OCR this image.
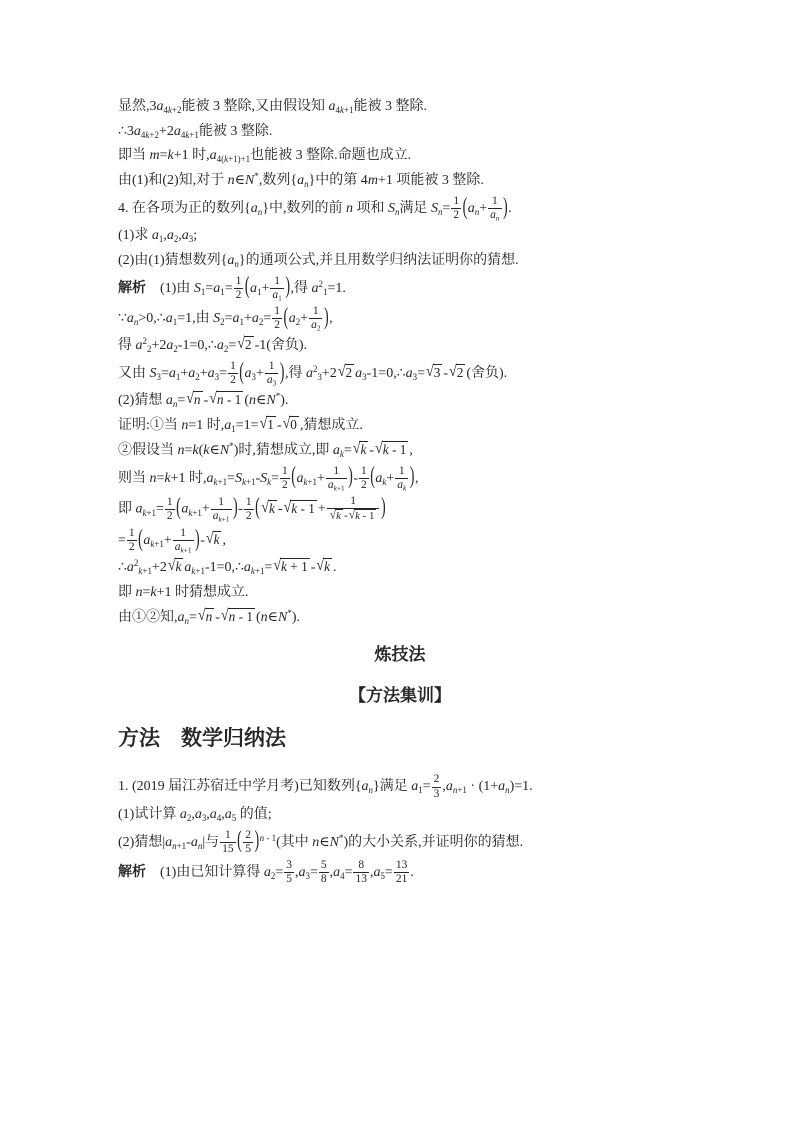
显然$,3a_{4k+2}$能被 3 整除,又由假设知 $a_{4k+1}$能被 3 整除.

$\therefore 3a_{4k+2}+2a_{4k+1}$能被 3 整除.

即当 m=k+1 时$,a_{4(k+1)+1}$也能被 3 整除.命题也成立.

由(1)和(2)知,对于 n∈N*,数列$\{a_n\}$中的第 4m+1 项能被 3 整除.

4. 在各项为正的数列$\{a_n\}$中,数列的前 n 项和 $S_n$满足 $S_n= \frac{1}{2} (a_n+ \frac{1}{a_n}$ ).

(1)求 $a_1,a_2,a_3$;

(2)由(1)猜想数列$\{a_n\}$的通项公式,并且用数学归纳法证明你的猜想.

解析　(1)由 $S_1=a_1= \frac{1}{2} (a_1+ \frac{1}{a_1}$ ),得 $a^2_1=1$.

$\because a_n>0,\therefore a_1=1$,由 $S_2=a_1+a_2= \frac{1}{2} (a_2+ \frac{1}{a_2}$ ),

得 $a^2_2+2a_2-1=0,\therefore a_2=√2$ -1(舍负).

又由 $S_3=a_1+a_2+a_3= \frac{1}{2} (a_3+ \frac{1}{a_3}$ ),得 $a^2_3+2√2$ $a_3-1=0,\therefore a_3=√3$ -√2 (舍负).

(2)猜想 $a_n=√n$ -√n - 1 (n∈N*).

证明:①当 n=1 时$,a_1=1=√1$ -√0 ,猜想成立.

②假设当 n=k(k∈N*)时,猜想成立,即 $a_k=√k$ -√k - 1 ,

则当 n=k+1 时$,a_{k+1}=S_{k+1}-S_k= \frac{1}{2} (a_{k+1}+ \frac{1}{a_{k+1}}$ )- $\frac{1}{2} (a_k+ \frac{1}{a_k}$ ),

即 $a_{k+1}= \frac{1}{2} (a_{k+1}+ \frac{1}{a_{k+1}}$ )- $\frac{1}{2}$ ( √k $-√k - 1 + \frac{1}{√k -√k - 1}$ )

= $\frac{1}{2} (a_{k+1}+ \frac{1}{a_{k+1}} )-√k$ ,

$\therefore a^2_{k+1}+2√k$ $a_{k+1}-1=0,\therefore a_{k+1}=√k + 1$ -√k .

即 n=k+1 时猜想成立.

由①②知$,a_n=√n$ -√n - 1 (n∈N*).

炼技法

【方法集训】

方法　数学归纳法

1. (2019 届江苏宿迁中学月考)已知数列$\{a_n\}$满足 $a_1= \frac{2}{3} ,a_{n+1} \cdot (1+a_n)=1$.

(1)试计算 $a_2,a_3,a_4,a_5$ 的值;

(2)猜想$|a_{n+1}-a_n|$与 $\frac{1}{15}$ ( $\frac{2}{5} )^{n - 1}$(其中 n∈N*)的大小关系,并证明你的猜想.

解析　(1)由已知计算得 $a_2= \frac{3}{5} ,a_3= \frac{5}{8} ,a_4= \frac{8}{13} ,a_5= \frac{13}{21}$ .
